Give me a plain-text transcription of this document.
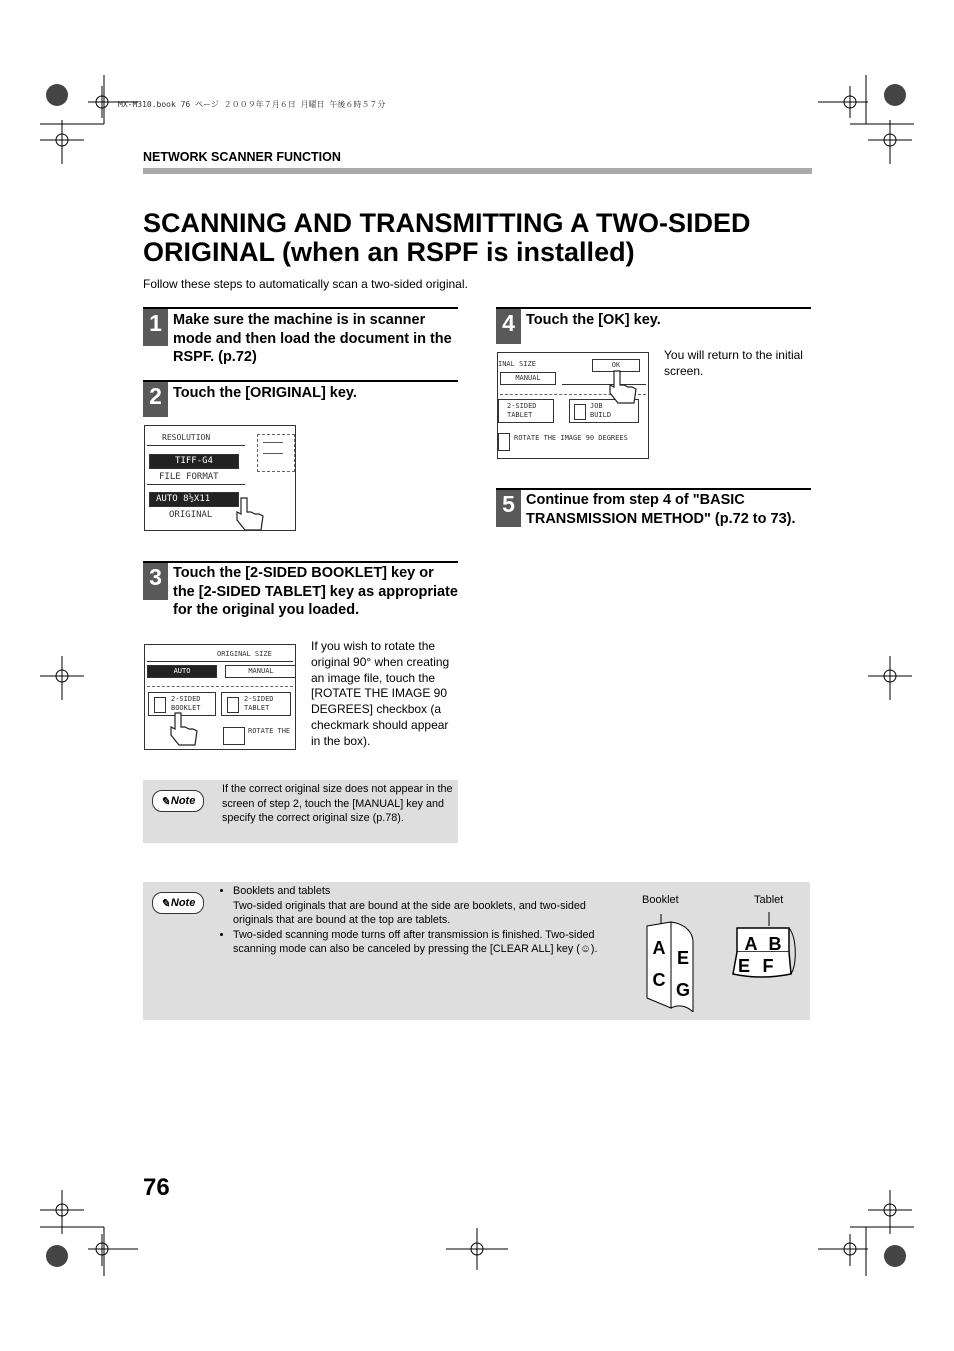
MX-M310.book 76 ページ ２００９年７月６日 月曜日 午後６時５７分
NETWORK SCANNER FUNCTION
SCANNING AND TRANSMITTING A TWO-SIDED
ORIGINAL (when an RSPF is installed)
Follow these steps to automatically scan a two-sided original.
1 Make sure the machine is in scanner mode and then load the document in the RSPF. (p.72)
2 Touch the [ORIGINAL] key.
RESOLUTION
TIFF-G4
FILE FORMAT
AUTO 8½X11
ORIGINAL
3 Touch the [2-SIDED BOOKLET] key or the [2-SIDED TABLET] key as appropriate for the original you loaded.
ORIGINAL SIZE
AUTO	MANUAL
2-SIDED
BOOKLET
2-SIDED
TABLET
ROTATE THE
If you wish to rotate the original 90° when creating an image file, touch the [ROTATE THE IMAGE 90 DEGREES] checkbox (a checkmark should appear in the box).
✎ Note
If the correct original size does not appear in the screen of step 2, touch the [MANUAL] key and specify the correct original size (p.78).
4 Touch the [OK] key.
INAL SIZE	OK
MANUAL
2-SIDED
TABLET
JOB
BUILD
ROTATE THE IMAGE 90 DEGREES
You will return to the initial screen.
5 Continue from step 4 of "BASIC TRANSMISSION METHOD" (p.72 to 73).
✎ Note
• Booklets and tablets
Two-sided originals that are bound at the side are booklets, and two-sided originals that are bound at the top are tablets.
• Two-sided scanning mode turns off after transmission is finished. Two-sided scanning mode can also be canceled by pressing the [CLEAR ALL] key (☺).
Booklet	Tablet
A
C
E
G
A B
E F
76
